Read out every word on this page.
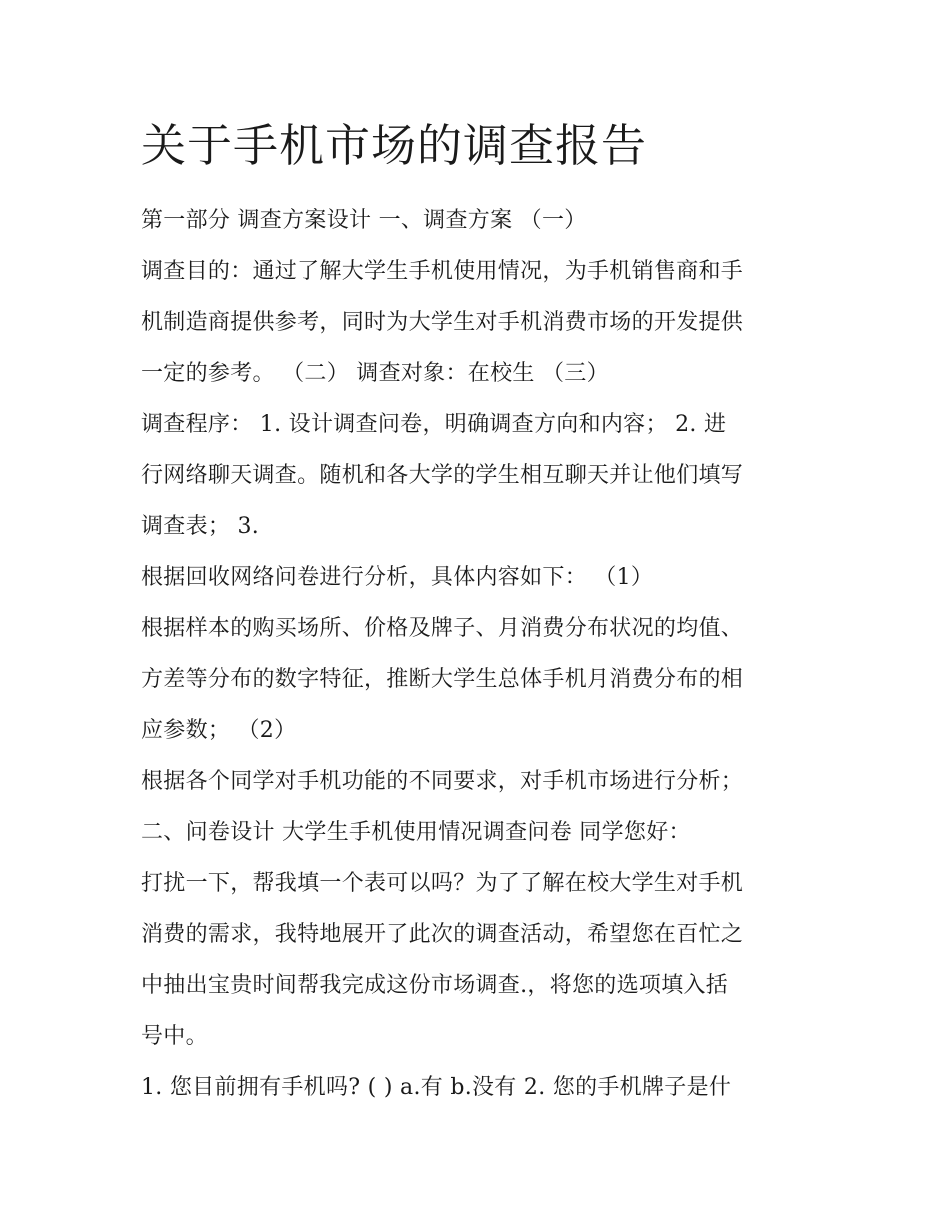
关于手机市场的调查报告
第一部分 调查方案设计 一、调查方案 （一）
调查目的：通过了解大学生手机使用情况，为手机销售商和手
机制造商提供参考，同时为大学生对手机消费市场的开发提供
一定的参考。 （二） 调查对象：在校生 （三）
调查程序： 1. 设计调查问卷，明确调查方向和内容； 2. 进
行网络聊天调查。随机和各大学的学生相互聊天并让他们填写
调查表； 3.
根据回收网络问卷进行分析，具体内容如下： （1）
根据样本的购买场所、价格及牌子、月消费分布状况的均值、
方差等分布的数字特征，推断大学生总体手机月消费分布的相
应参数； （2）
根据各个同学对手机功能的不同要求，对手机市场进行分析；
二、问卷设计 大学生手机使用情况调查问卷 同学您好：
打扰一下，帮我填一个表可以吗？为了了解在校大学生对手机
消费的需求，我特地展开了此次的调查活动，希望您在百忙之
中抽出宝贵时间帮我完成这份市场调查.，将您的选项填入括
号中。
1. 您目前拥有手机吗? ( ) a.有 b.没有 2. 您的手机牌子是什
